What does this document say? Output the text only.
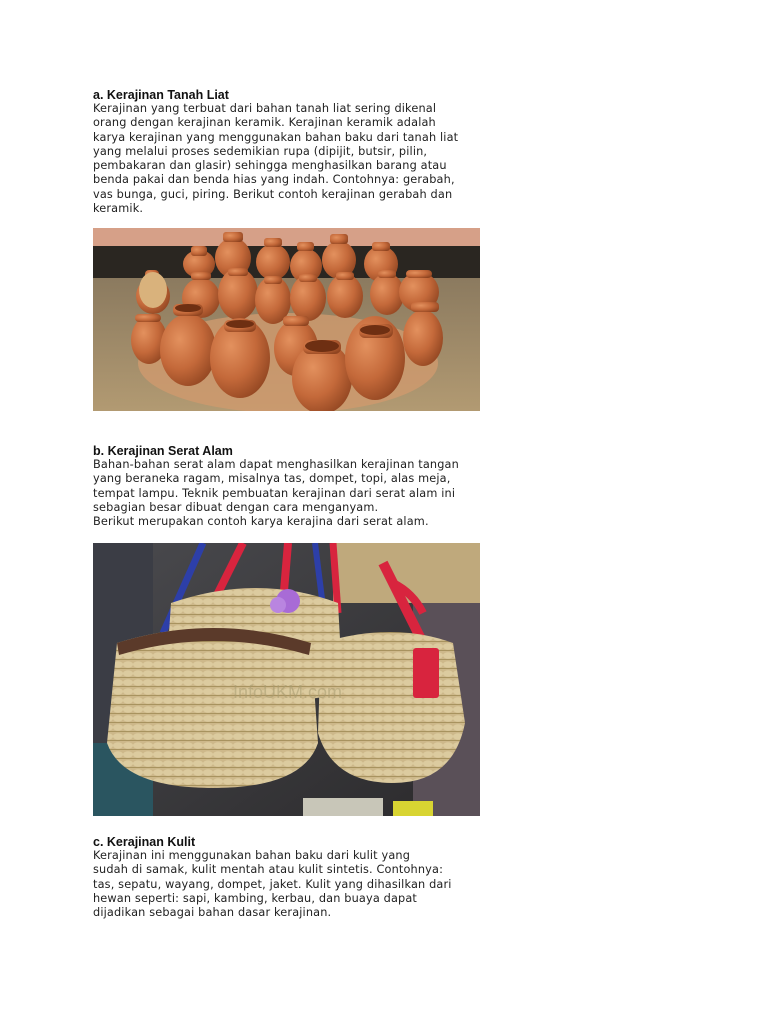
a. Kerajinan Tanah Liat

Kerajinan yang terbuat dari bahan tanah liat sering dikenal
orang dengan kerajinan keramik. Kerajinan keramik adalah
karya kerajinan yang menggunakan bahan baku dari tanah liat
yang melalui proses sedemikian rupa (dipijit, butsir, pilin,
pembakaran dan glasir) sehingga menghasilkan barang atau
benda pakai dan benda hias yang indah. Contohnya: gerabah,
vas bunga, guci, piring. Berikut contoh kerajinan gerabah dan
keramik.

b. Kerajinan Serat Alam

Bahan-bahan serat alam dapat menghasilkan kerajinan tangan
yang beraneka ragam, misalnya tas, dompet, topi, alas meja,
tempat lampu. Teknik pembuatan kerajinan dari serat alam ini
sebagian besar dibuat dengan cara menganyam.
Berikut merupakan contoh karya kerajina dari serat alam.

InfoUKM.com

c. Kerajinan Kulit

Kerajinan ini menggunakan bahan baku dari kulit yang
sudah di samak, kulit mentah atau kulit sintetis. Contohnya:
tas, sepatu, wayang, dompet, jaket. Kulit yang dihasilkan dari
hewan seperti: sapi, kambing, kerbau, dan buaya dapat
dijadikan sebagai bahan dasar kerajinan.
